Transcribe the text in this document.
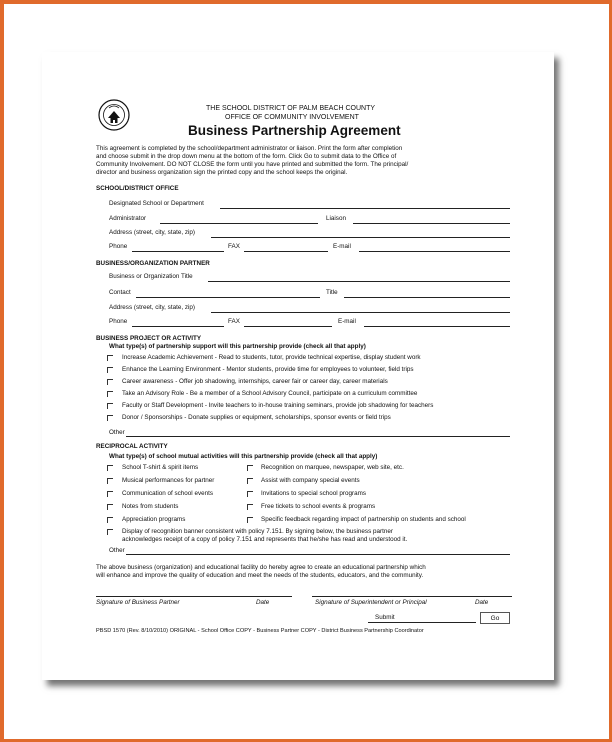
THE SCHOOL DISTRICT OF PALM BEACH COUNTY
OFFICE OF COMMUNITY INVOLVEMENT
Business Partnership Agreement
This agreement is completed by the school/department administrator or liaison. Print the form after completion
and choose submit in the drop down menu at the bottom of the form. Click Go to submit data to the Office of
Community Involvement. DO NOT CLOSE the form until you have printed and submitted the form. The principal/
director and business organization sign the printed copy and the school keeps the original.
SCHOOL/DISTRICT OFFICE
Designated School or Department
Administrator	Liaison
Address (street, city, state, zip)
Phone	FAX	E-mail
BUSINESS/ORGANIZATION PARTNER
Business or Organization Title
Contact	Title
Address (street, city, state, zip)
Phone	FAX	E-mail
BUSINESS PROJECT OR ACTIVITY
What type(s) of partnership support will this partnership provide (check all that apply)
Increase Academic Achievement - Read to students, tutor, provide technical expertise, display student work
Enhance the Learning Environment - Mentor students, provide time for employees to volunteer, field trips
Career awareness - Offer job shadowing, internships, career fair or career day, career materials
Take an Advisory Role - Be a member of a School Advisory Council, participate on a curriculum committee
Faculty or Staff Development - Invite teachers to in-house training seminars, provide job shadowing for teachers
Donor / Sponsorships - Donate supplies or equipment, scholarships, sponsor events or field trips
Other
RECIPROCAL ACTIVITY
What type(s) of school mutual activities will this partnership provide (check all that apply)
School T-shirt & spirit items
Musical performances for partner
Communication of school events
Notes from students
Appreciation programs
Recognition on marquee, newspaper, web site, etc.
Assist with company special events
Invitations to special school programs
Free tickets to school events & programs
Specific feedback regarding impact of partnership on students and school
Display of recognition banner consistent with policy 7.151. By signing below, the business partner
acknowledges receipt of a copy of policy 7.151 and represents that he/she has read and understood it.
Other
The above business (organization) and educational facility do hereby agree to create an educational partnership which
will enhance and improve the quality of education and meet the needs of the students, educators, and the community.
Signature of Business Partner	Date	Signature of Superintendent or Principal	Date
Submit	Go
PBSD 1570 (Rev. 8/10/2010) ORIGINAL - School Office COPY - Business Partner COPY - District Business Partnership Coordinator
